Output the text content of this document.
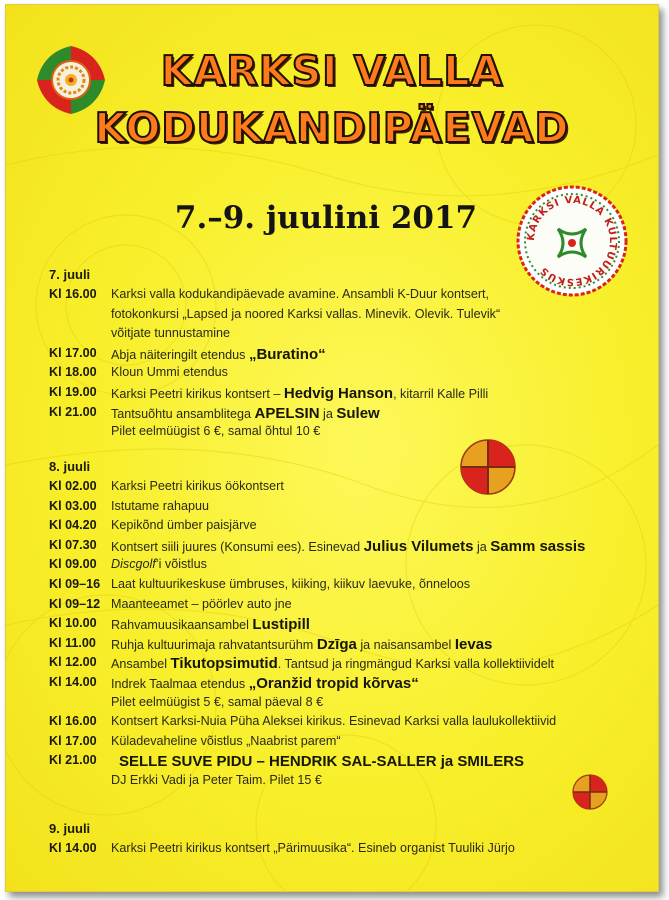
KARKSI VALLA
KODUKANDIPÄEVAD
7.–9. juulini 2017
KARKSI VALLA KULTUURIKESKUS
7. juuli
Kl 16.00	Karksi valla kodukandipäevade avamine. Ansambli K-Duur kontsert,
fotokonkursi „Lapsed ja noored Karksi vallas. Minevik. Olevik. Tulevik“
võitjate tunnustamine
Kl 17.00	Abja näiteringilt etendus „Buratino“
Kl 18.00	Kloun Ummi etendus
Kl 19.00	Karksi Peetri kirikus kontsert – Hedvig Hanson, kitarril Kalle Pilli
Kl 21.00	Tantsuõhtu ansamblitega APELSIN ja Sulew
Pilet eelmüügist 6 €, samal õhtul 10 €
8. juuli
Kl 02.00	Karksi Peetri kirikus öökontsert
Kl 03.00	Istutame rahapuu
Kl 04.20	Kepikõnd ümber paisjärve
Kl 07.30	Kontsert siili juures (Konsumi ees). Esinevad Julius Vilumets ja Samm sassis
Kl 09.00	Discgolf’i võistlus
Kl 09–16 Laat kultuurikeskuse ümbruses, kiiking, kiikuv laevuke, õnneloos
Kl 09–12 Maanteeamet – pöörlev auto jne
Kl 10.00	Rahvamuusikaansambel Lustipill
Kl 11.00	Ruhja kultuurimaja rahvatantsurühm Dzīga ja naisansambel Ievas
Kl 12.00	Ansambel Tikutopsimutid. Tantsud ja ringmängud Karksi valla kollektiividelt
Kl 14.00	Indrek Taalmaa etendus „Oranžid tropid kõrvas“
Pilet eelmüügist 5 €, samal päeval 8 €
Kl 16.00	Kontsert Karksi-Nuia Püha Aleksei kirikus. Esinevad Karksi valla laulukollektiivid
Kl 17.00	Küladevaheline võistlus „Naabrist parem“
Kl 21.00	SELLE SUVE PIDU – HENDRIK SAL-SALLER ja SMILERS
DJ Erkki Vadi ja Peter Taim. Pilet 15 €
9. juuli
Kl 14.00	Karksi Peetri kirikus kontsert „Pärimuusika“. Esineb organist Tuuliki Jürjo
